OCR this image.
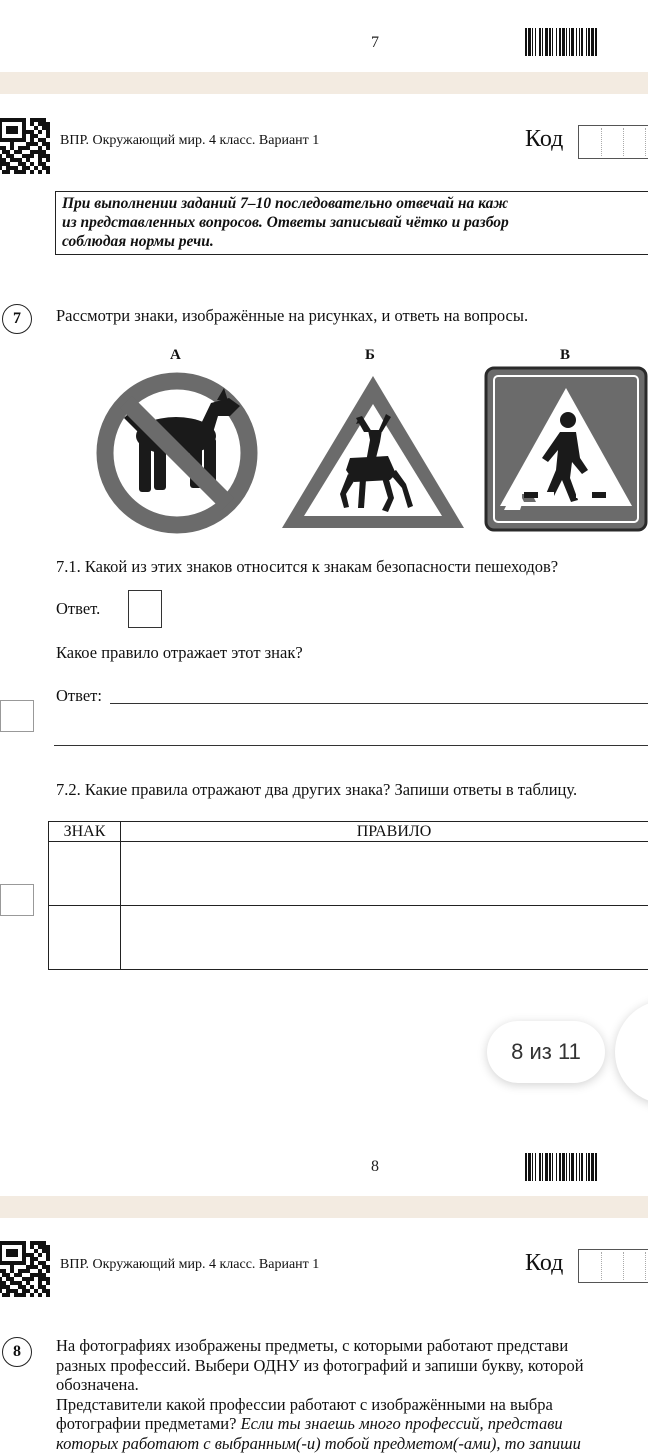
7
ВПР. Окружающий мир. 4 класс. Вариант 1	Код
При выполнении заданий 7–10 последовательно отвечай на каж
из представленных вопросов. Ответы записывай чётко и разбор
соблюдая нормы речи.
7	Рассмотри знаки, изображённые на рисунках, и ответь на вопросы.
А	Б	В
7.1. Какой из этих знаков относится к знакам безопасности пешеходов?
Ответ.
Какое правило отражает этот знак?
Ответ:
7.2. Какие правила отражают два других знака? Запиши ответы в таблицу.
ЗНАК	ПРАВИЛО

8 из 11
8
ВПР. Окружающий мир. 4 класс. Вариант 1	Код
8	На фотографиях изображены предметы, с которыми работают представи
разных профессий. Выбери ОДНУ из фотографий и запиши букву, которой
обозначена.
Представители какой профессии работают с изображёнными на выбра
фотографии предметами? Если ты знаешь много профессий, представи
которых работают с выбранным(-и) тобой предметом(-ами), то запиши
